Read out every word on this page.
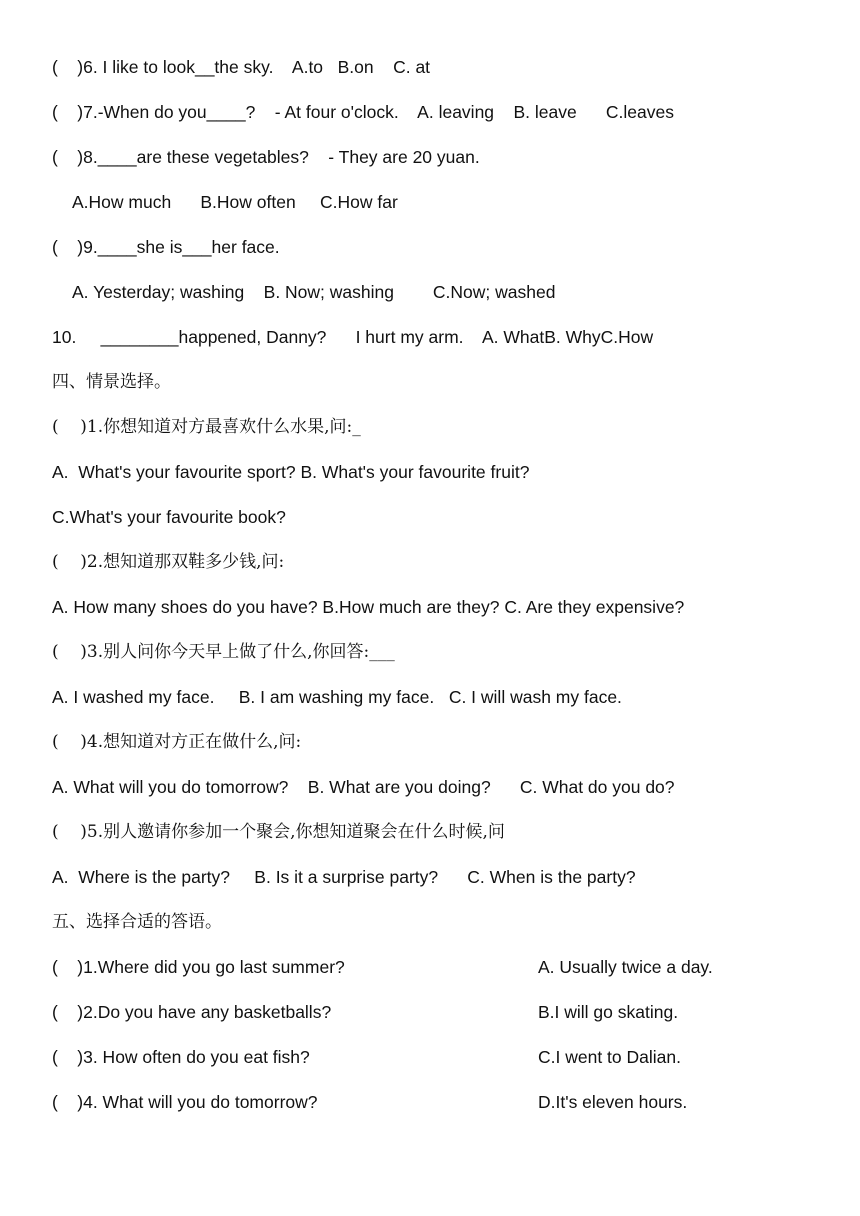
(    )6. I like to look__the sky.    A.to   B.on    C. at
(    )7.-When do you____?    - At four o'clock.    A. leaving    B. leave      C.leaves
(    )8.____are these vegetables?    - They are 20 yuan.
A.How much      B.How often     C.How far
(    )9.____she is___her face.
A. Yesterday; washing    B. Now; washing        C.Now; washed
10.     ________happened, Danny?      I hurt my arm.    A. WhatB. WhyC.How
四、情景选择。
(    )1.你想知道对方最喜欢什么水果,问:_
A.  What's your favourite sport? B. What's your favourite fruit?
C.What's your favourite book?
(    )2.想知道那双鞋多少钱,问:
A. How many shoes do you have? B.How much are they? C. Are they expensive?
(    )3.别人问你今天早上做了什么,你回答:___
A. I washed my face.     B. I am washing my face.   C. I will wash my face.
(    )4.想知道对方正在做什么,问:
A. What will you do tomorrow?    B. What are you doing?      C. What do you do?
(    )5.别人邀请你参加一个聚会,你想知道聚会在什么时候,问
A.  Where is the party?     B. Is it a surprise party?      C. When is the party?
五、选择合适的答语。
(    )1.Where did you go last summer?	A. Usually twice a day.
(    )2.Do you have any basketballs?	B.I will go skating.
(    )3. How often do you eat fish?	C.I went to Dalian.
(    )4. What will you do tomorrow?	D.It's eleven hours.
